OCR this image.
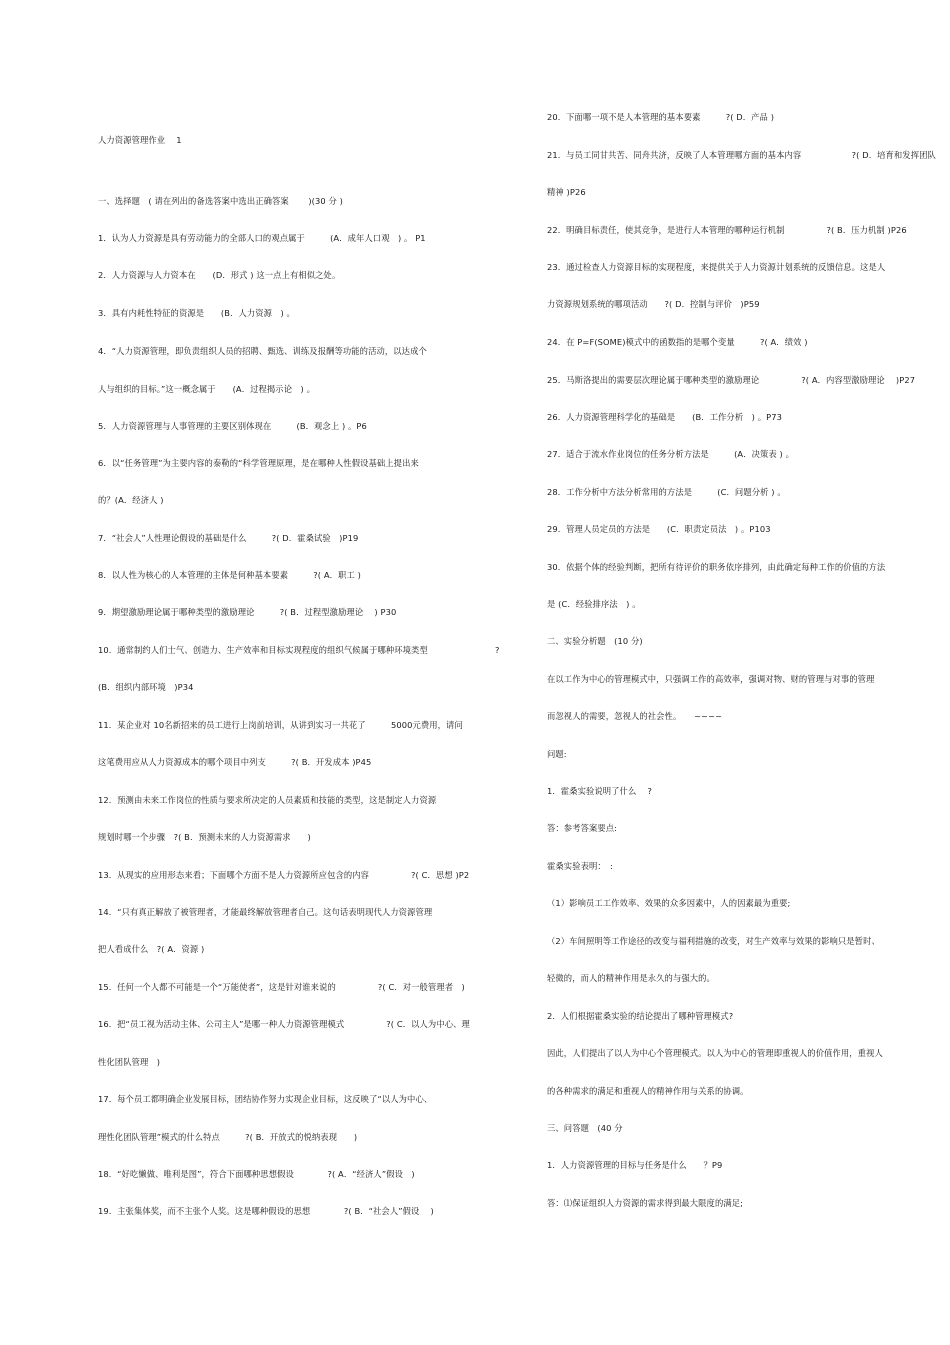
人力资源管理作业　 1
一、选择题　( 请在列出的备选答案中选出正确答案　　 )(30 分 )
1．认为人力资源是具有劳动能力的全部人口的观点属于　　　(A．成年人口观　) 。 P1
2．人力资源与人力资本在　　(D．形式 ) 这一点上有相似之处。
3．具有内耗性特征的资源是　　(B．人力资源　) 。
4．“人力资源管理，即负责组织人员的招聘、甄选、训练及报酬等功能的活动，以达成个
人与组织的目标。”这一概念属于　　(A．过程揭示论　) 。
5．人力资源管理与人事管理的主要区别体现在　　　(B．观念上 ) 。P6
6．以“任务管理”为主要内容的泰勒的“科学管理原理，是在哪种人性假设基础上提出来
的？(A．经济人 )
7．“社会人”人性理论假设的基础是什么　　　?( D．霍桑试验　)P19
8．以人性为核心的人本管理的主体是何种基本要素　　　?( A．职工 )
9．期望激励理论属于哪种类型的激励理论　　　?( B．过程型激励理论　 ) P30
10．通常制约人们士气、创造力、生产效率和目标实现程度的组织气候属于哪种环境类型　　　　　　　　?
(B．组织内部环境　)P34
11．某企业对 10名新招来的员工进行上岗前培训，从讲到实习一共花了　　　5000元费用，请问
这笔费用应从人力资源成本的哪个项目中列支　　　?( B．开发成本 )P45
12．预测由未来工作岗位的性质与要求所决定的人员素质和技能的类型，这是制定人力资源
规划时哪一个步骤　?( B．预测未来的人力资源需求　　)
13．从现实的应用形态来看；下面哪个方面不是人力资源所应包含的内容　　　　　?( C．思想 )P2
14．“只有真正解放了被管理者，才能最终解放管理者自己。这句话表明现代人力资源管理
把人看成什么　?( A．资源 )
15．任何一个人都不可能是一个“万能使者”，这是针对谁来说的　　　　　?( C．对一般管理者　)
16．把“员工视为活动主体、公司主人”是哪一种人力资源管理模式　　　　　?( C．以人为中心、理
性化团队管理　)
17．每个员工都明确企业发展目标，团结协作努力实现企业目标，这反映了“以人为中心、
理性化团队管理”模式的什么特点　　　?( B．开放式的悦纳表现　　)
18．“好吃懒做、唯利是图”，符合下面哪种思想假设　　　　?( A．“经济人”假设　)
19．主张集体奖，而不主张个人奖。这是哪种假设的思想　　　　?( B．“社会人”假设　 )
20．下面哪一项不是人本管理的基本要素　　　?( D．产品 )
21．与员工同甘共苦、同舟共济，反映了人本管理哪方面的基本内容　　　　　　?( D．培育和发挥团队
精神 )P26
22．明确目标责任，使其竞争，是进行人本管理的哪种运行机制　　　　　?( B．压力机制 )P26
23．通过检查人力资源目标的实现程度，来提供关于人力资源计划系统的反馈信息。这是人
力资源规划系统的哪项活动　　?( D．控制与评价　)P59
24．在 P=F(SOME)模式中的函数指的是哪个变量　　　?( A．绩效 )
25．马斯洛提出的需要层次理论属于哪种类型的激励理论　　　　　?( A．内容型激励理论　 )P27
26．人力资源管理科学化的基础是　　(B．工作分析　) 。P73
27．适合于流水作业岗位的任务分析方法是　　　(A．决策表 ) 。
28．工作分析中方法分析常用的方法是　　　(C．问题分析 ) 。
29．管理人员定员的方法是　　(C．职责定员法　) 。P103
30．依据个体的经验判断，把所有待评价的职务依序排列，由此确定每种工作的价值的方法
是 (C．经验排序法　) 。
二、实验分析题　(10 分)
在以工作为中心的管理模式中，只强调工作的高效率，强调对物、财的管理与对事的管理
而忽视人的需要，忽视人的社会性。　　~~~~
问题:
1．霍桑实验说明了什么　 ?
答：参考答案要点:
霍桑实验表明：　:
（1）影响员工工作效率、效果的众多因素中，人的因素最为重要;
（2）车间照明等工作途径的改变与福利措施的改变，对生产效率与效果的影响只是暂时、
轻微的，而人的精神作用是永久的与强大的。
2．人们根据霍桑实验的结论提出了哪种管理模式?
因此，人们提出了以人为中心个管理模式。以人为中心的管理即重视人的价值作用，重视人
的各种需求的满足和重视人的精神作用与关系的协调。
三、问答题　(40 分
1．人力资源管理的目标与任务是什么　　？P9
答：⑴保证组织人力资源的需求得到最大限度的满足;
